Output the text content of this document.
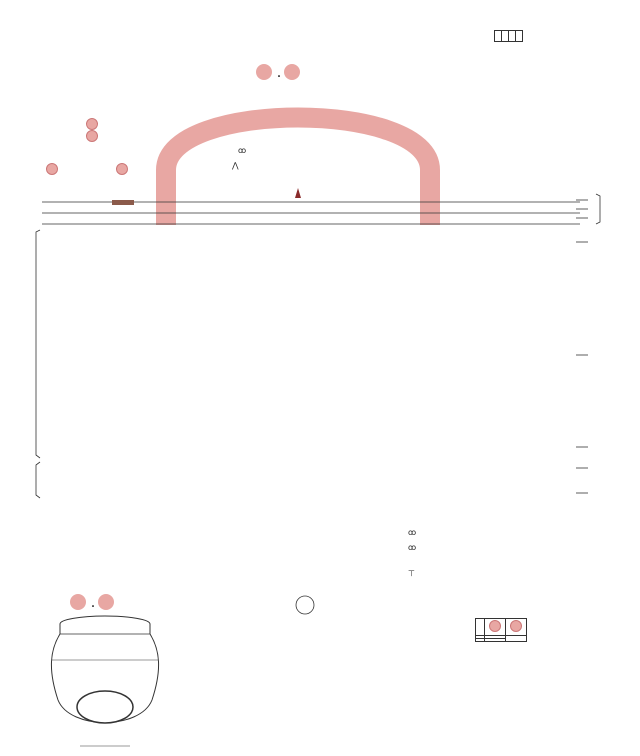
・
ꝏ
⋀

ꝏ
ꝏ

⊤

・
